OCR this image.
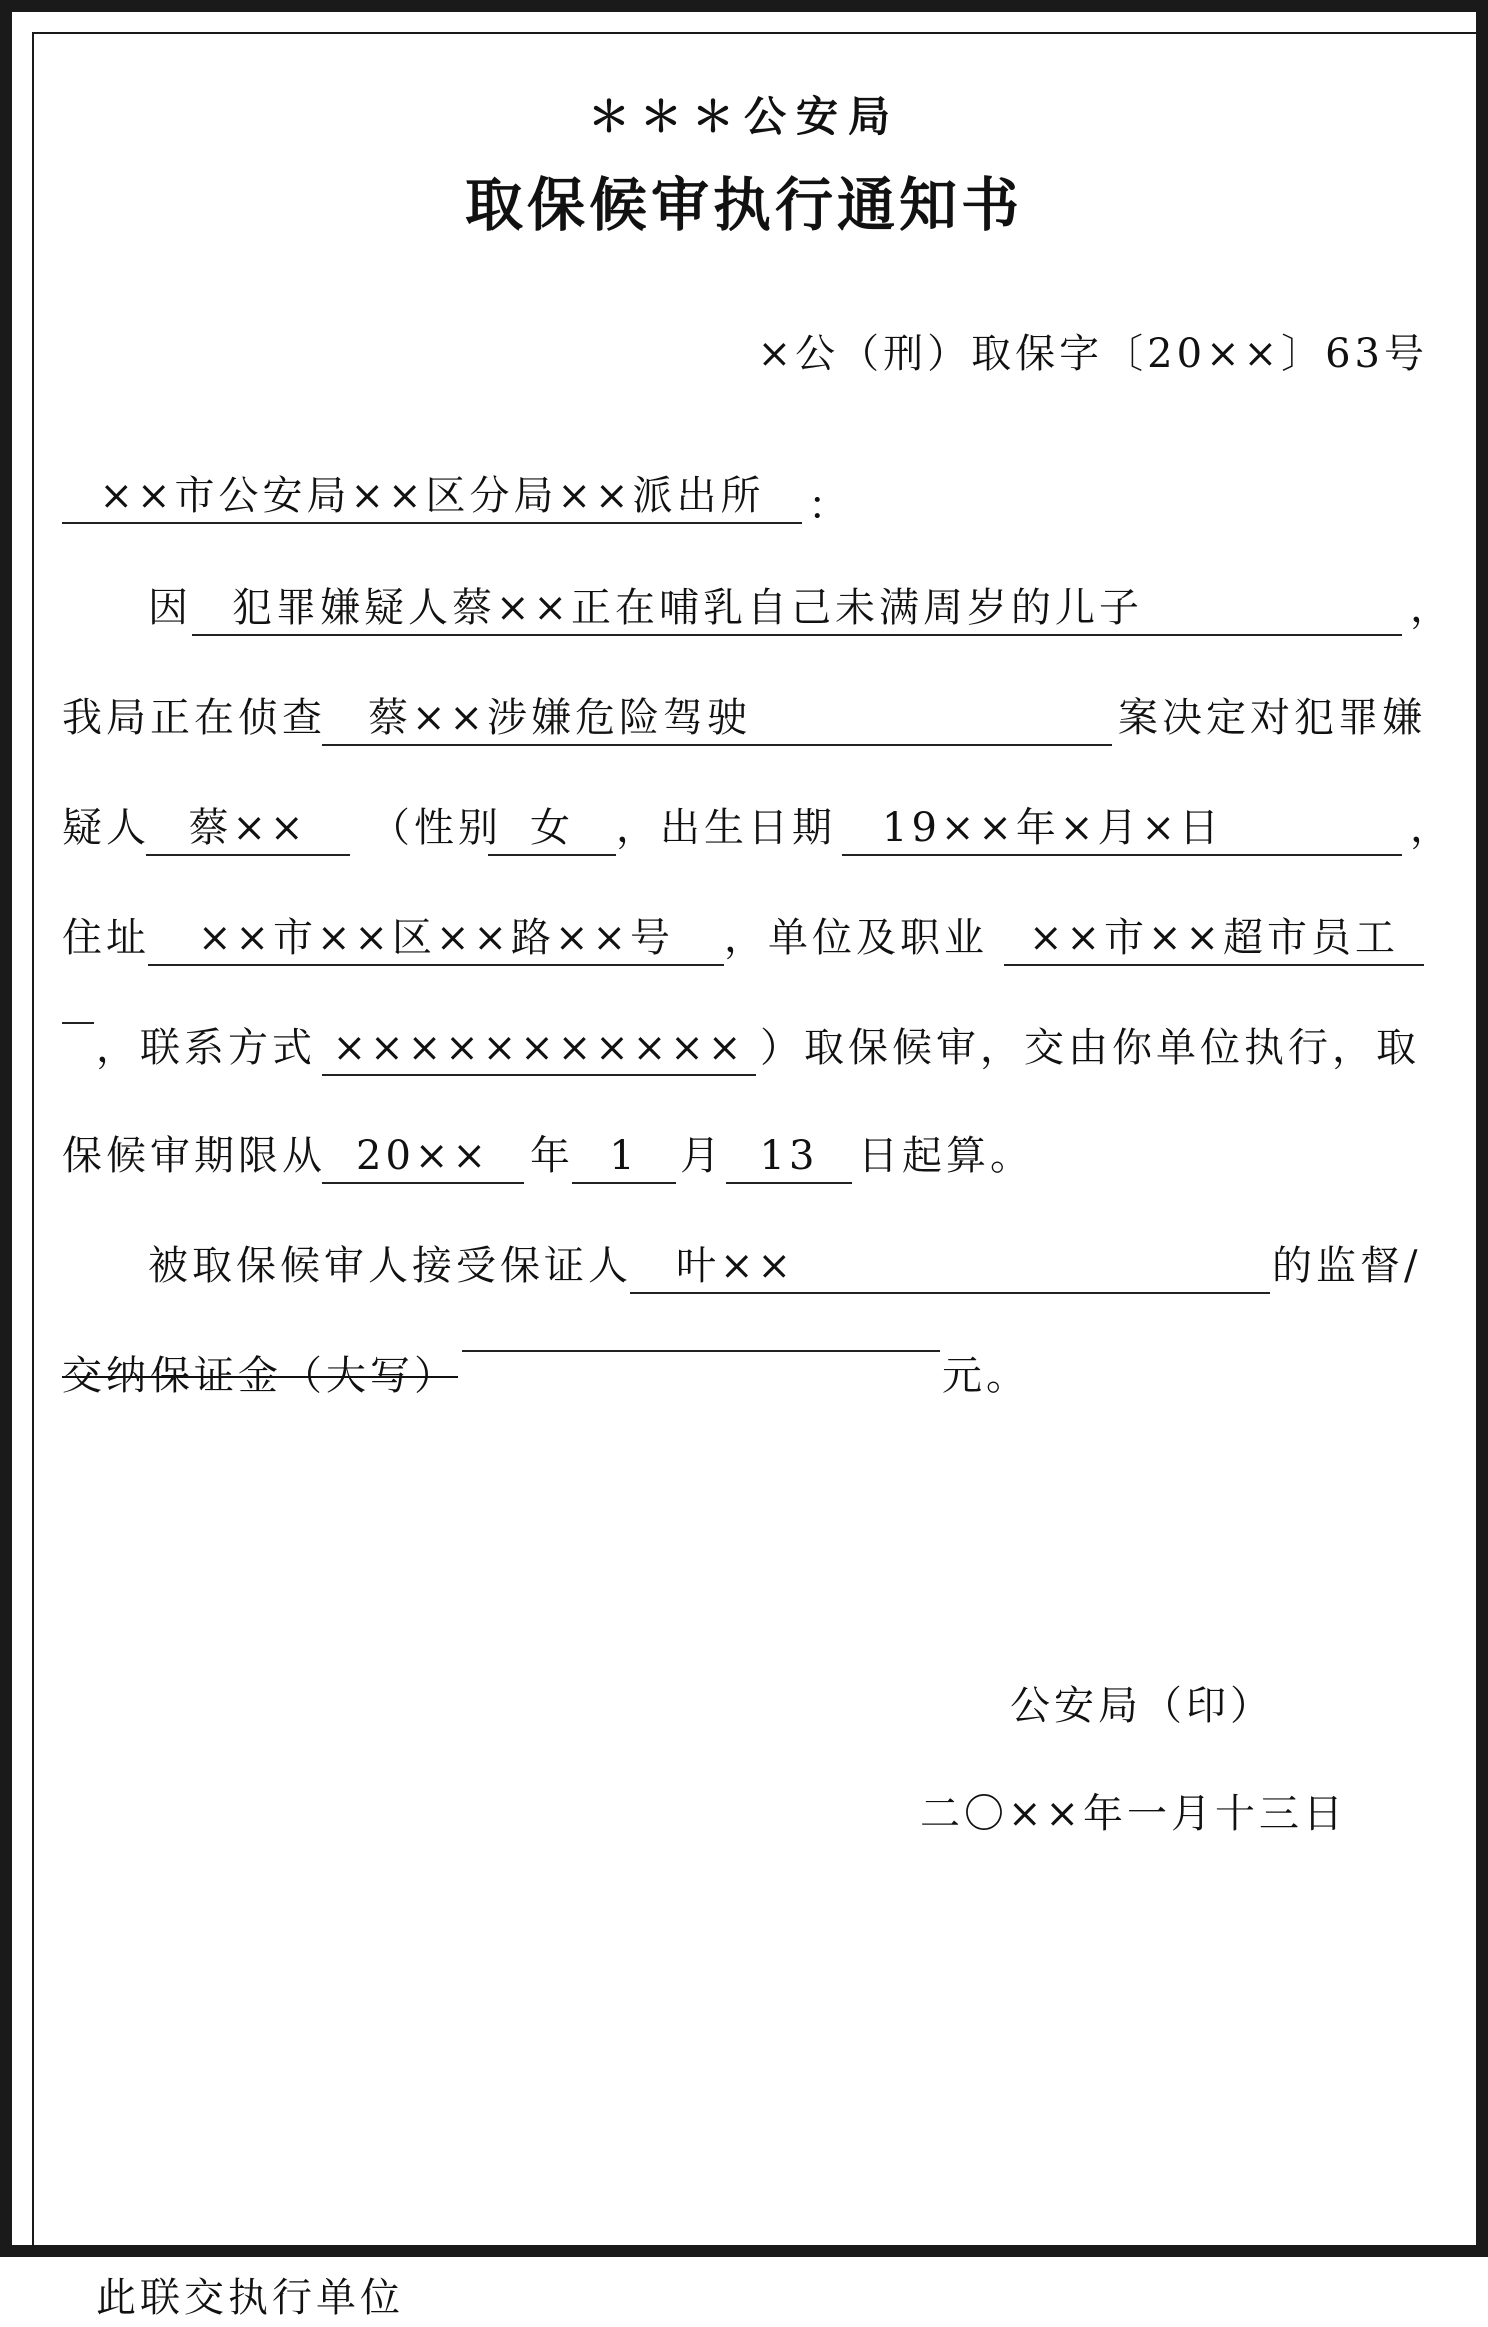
＊＊＊公安局
取保候审执行通知书
×公（刑）取保字〔20××〕63号
××市公安局××区分局××派出所	：
因	犯罪嫌疑人蔡××正在哺乳自己未满周岁的儿子	，
我局正在侦查	蔡××涉嫌危险驾驶	案决定对犯罪嫌
疑人 蔡××	（性别 女	，出生日期	19××年×月×日	，
住址	××市××区××路××号	，单位及职业	××市××超市员工
，联系方式 ××××××××××× ）取保候审，交由你单位执行，取
保候审期限从 20××	年 1	月 13 日起算。
被取保候审人接受保证人	叶××	的监督/
交纳保证金（大写）	元。
公安局（印）
二〇××年一月十三日
此联交执行单位
